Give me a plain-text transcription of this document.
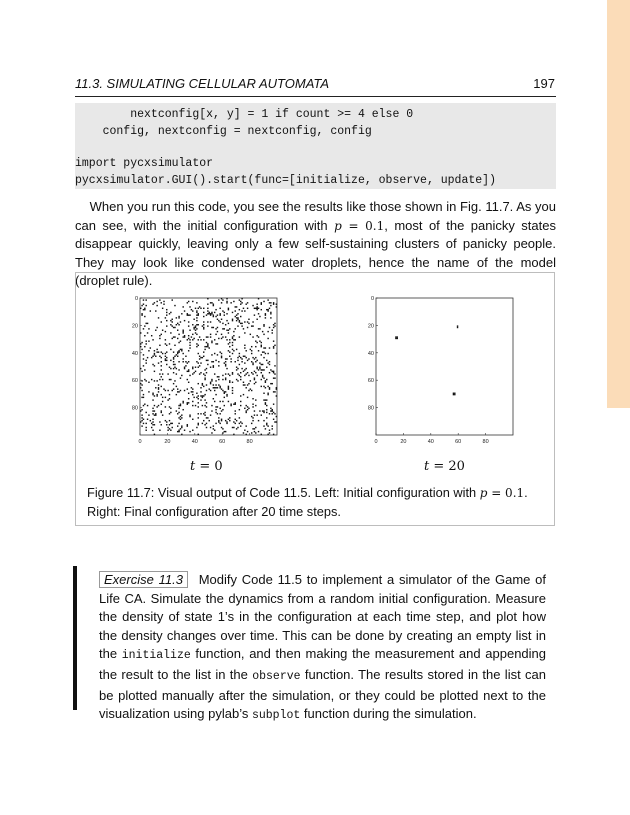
11.3. SIMULATING CELLULAR AUTOMATA	197
nextconfig[x, y] = 1 if count >= 4 else 0
config, nextconfig = nextconfig, config
import pycxsimulator
pycxsimulator.GUI().start(func=[initialize, observe, update])
When you run this code, you see the results like those shown in Fig. 11.7. As you can see, with the initial configuration with p = 0.1, most of the panicky states disappear quickly, leaving only a few self-sustaining clusters of panicky people. They may look like condensed water droplets, hence the name of the model (droplet rule).
0	20	40	60	80
0
20
40
60
80
0	20	40	60	80
0
20
40
60
80
t = 0	t = 20
Figure 11.7: Visual output of Code 11.5. Left: Initial configuration with p = 0.1. Right: Final configuration after 20 time steps.
Exercise 11.3 Modify Code 11.5 to implement a simulator of the Game of Life CA. Simulate the dynamics from a random initial configuration. Measure the density of state 1’s in the configuration at each time step, and plot how the density changes over time. This can be done by creating an empty list in the initialize function, and then making the measurement and appending the result to the list in the observe function. The results stored in the list can be plotted manually after the simulation, or they could be plotted next to the visualization using pylab’s subplot function during the simulation.
